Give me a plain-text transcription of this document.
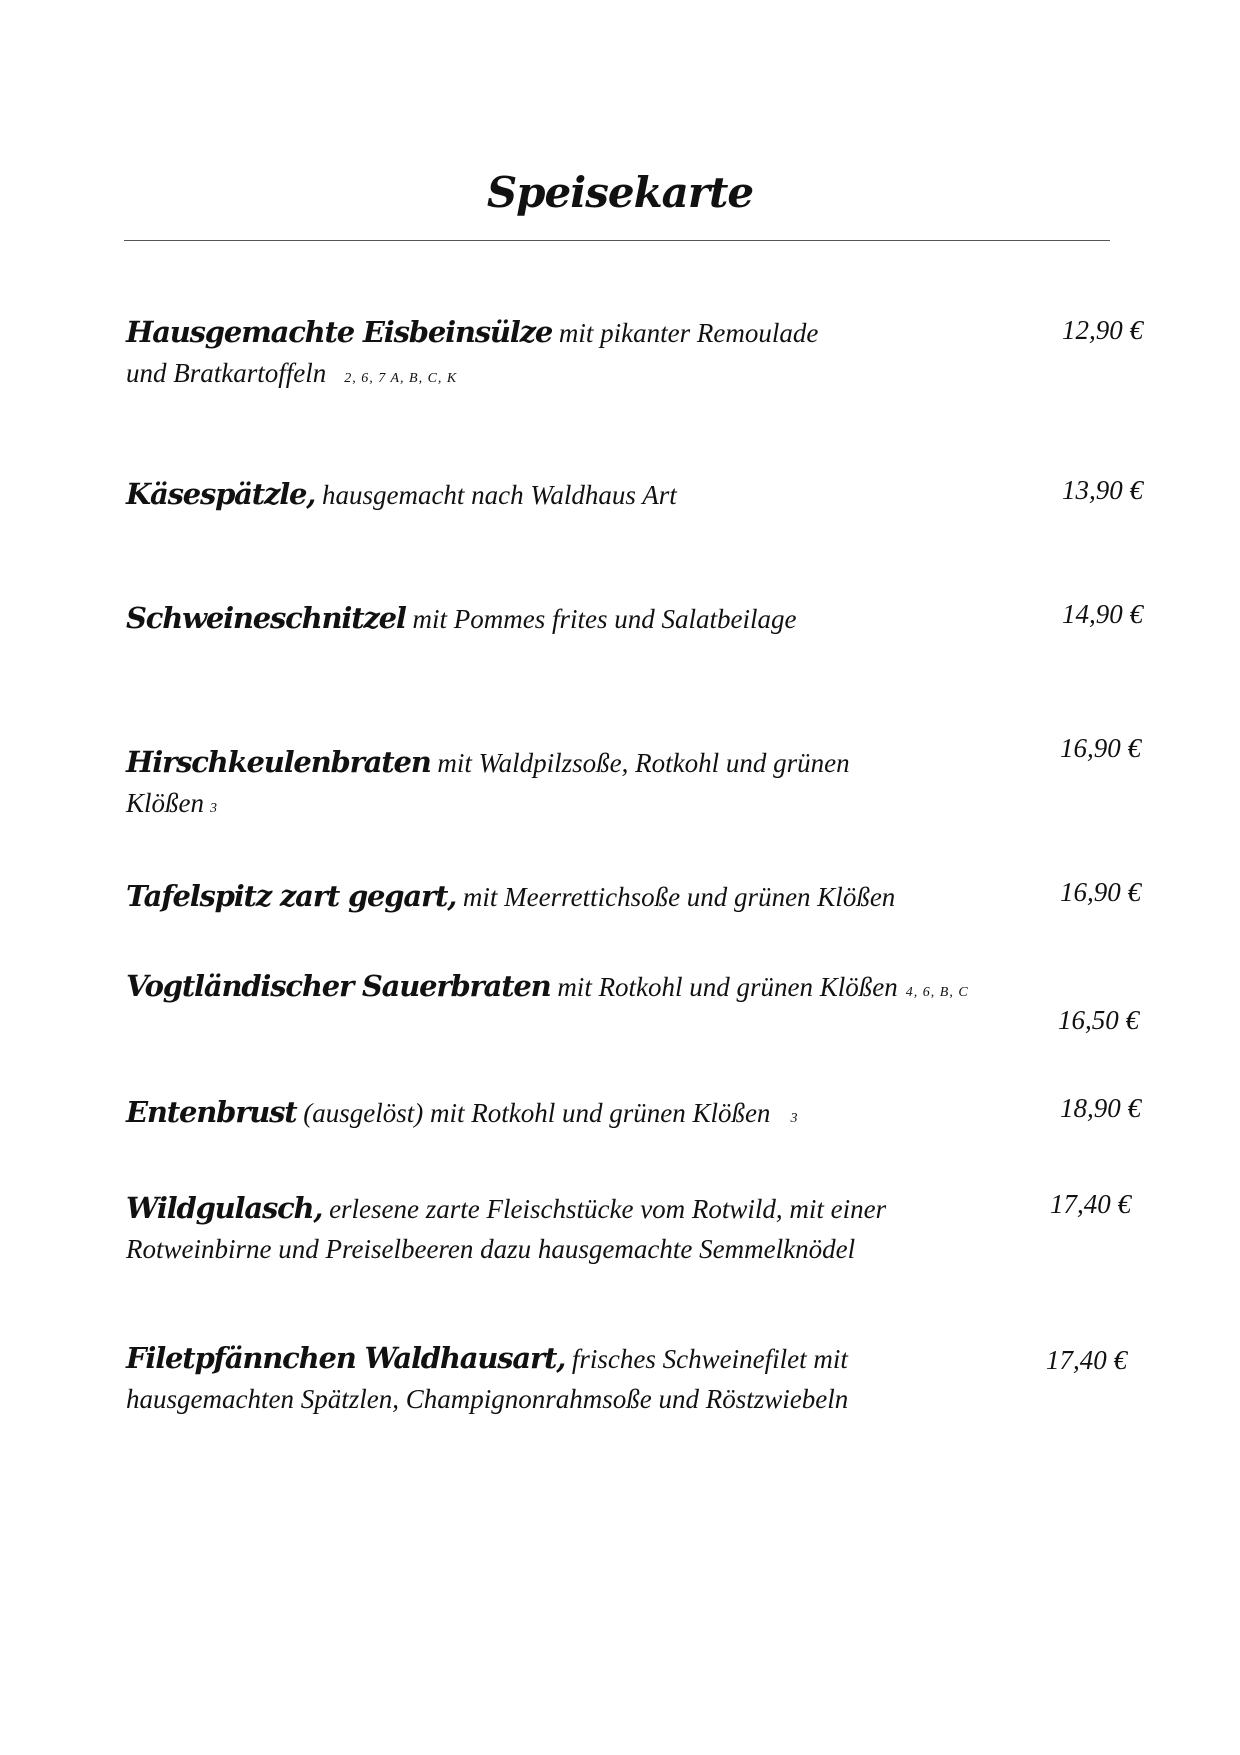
Speisekarte
Hausgemachte Eisbeinsülze mit pikanter Remoulade
und Bratkartoffeln 2, 6, 7 A, B, C, K
12,90 €
Käsespätzle, hausgemacht nach Waldhaus Art	13,90 €
Schweineschnitzel mit Pommes frites und Salatbeilage	14,90 €
Hirschkeulenbraten mit Waldpilzsoße, Rotkohl und grünen
Klößen 3
16,90 €
Tafelspitz zart gegart, mit Meerrettichsoße und grünen Klößen	16,90 €
Vogtländischer Sauerbraten mit Rotkohl und grünen Klößen 4, 6, B, C
16,50 €
Entenbrust (ausgelöst) mit Rotkohl und grünen Klößen 3	18,90 €
Wildgulasch, erlesene zarte Fleischstücke vom Rotwild, mit einer
Rotweinbirne und Preiselbeeren dazu hausgemachte Semmelknödel
17,40 €
Filetpfännchen Waldhausart, frisches Schweinefilet mit
hausgemachten Spätzlen, Champignonrahmsoße und Röstzwiebeln
17,40 €
